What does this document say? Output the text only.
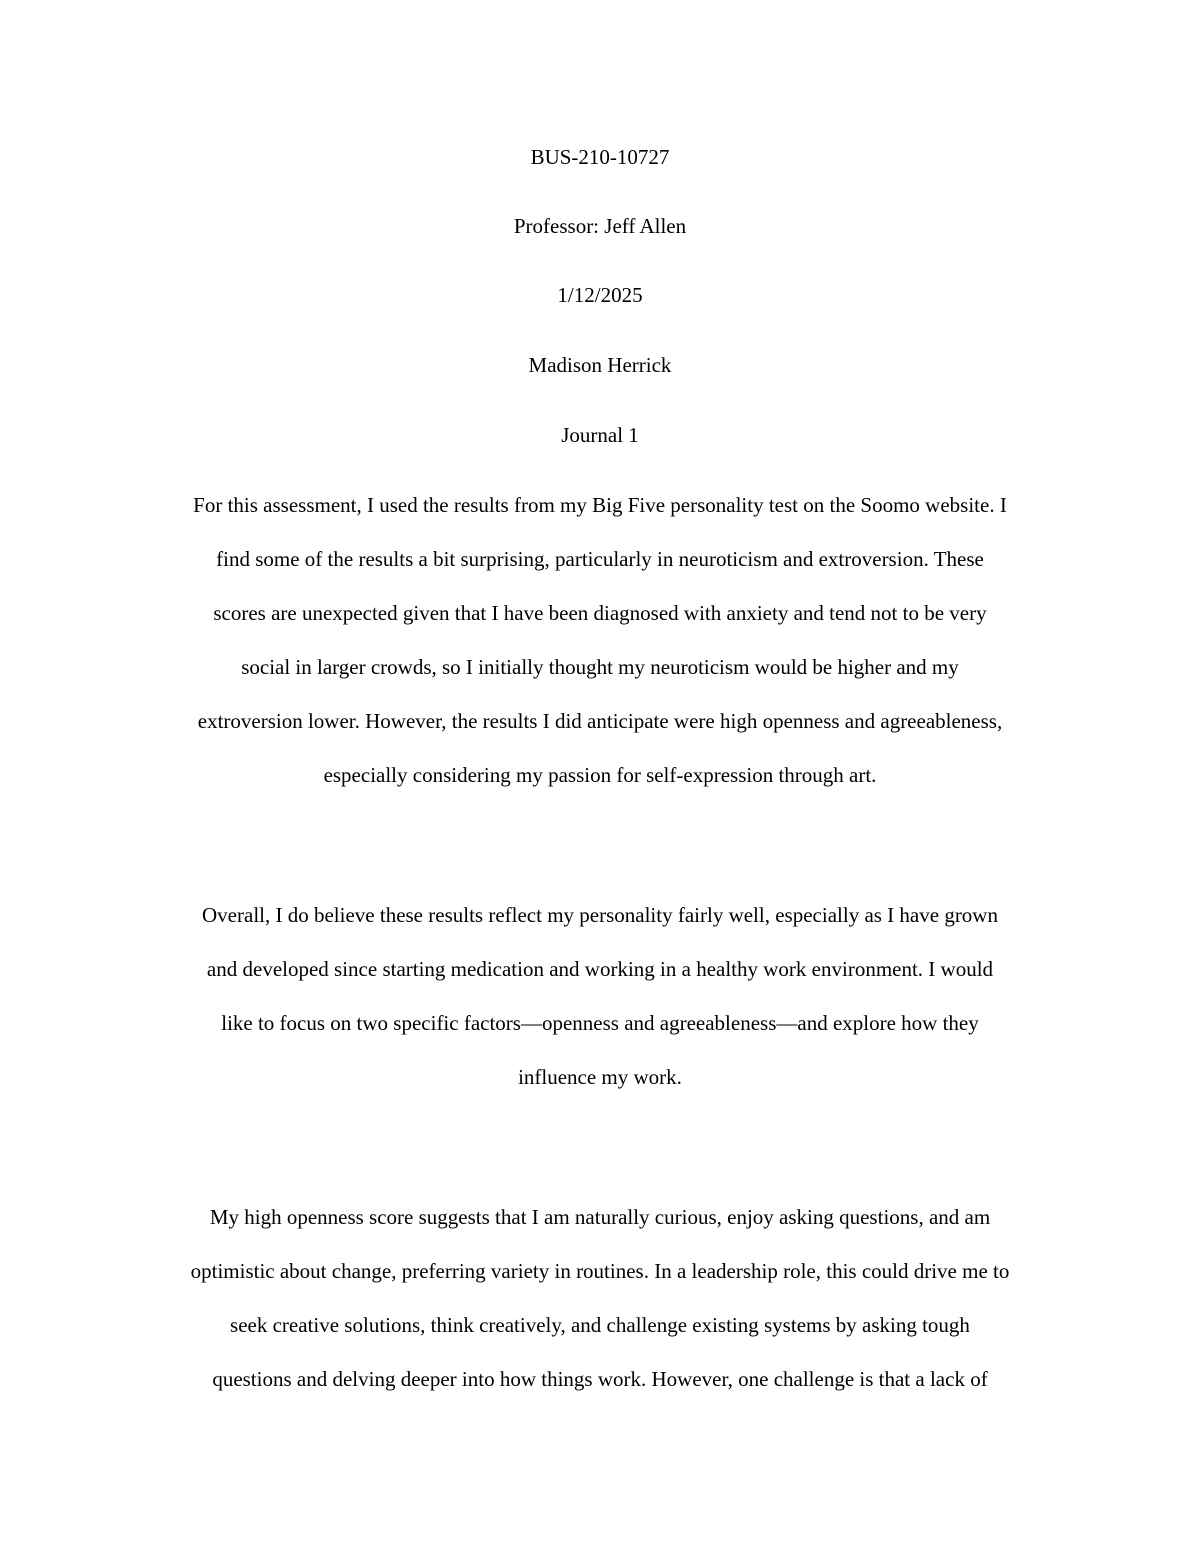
BUS-210-10727
Professor: Jeff Allen
1/12/2025
Madison Herrick
Journal 1
For this assessment, I used the results from my Big Five personality test on the Soomo website. I
find some of the results a bit surprising, particularly in neuroticism and extroversion. These
scores are unexpected given that I have been diagnosed with anxiety and tend not to be very
social in larger crowds, so I initially thought my neuroticism would be higher and my
extroversion lower. However, the results I did anticipate were high openness and agreeableness,
especially considering my passion for self-expression through art.
Overall, I do believe these results reflect my personality fairly well, especially as I have grown
and developed since starting medication and working in a healthy work environment. I would
like to focus on two specific factors—openness and agreeableness—and explore how they
influence my work.
My high openness score suggests that I am naturally curious, enjoy asking questions, and am
optimistic about change, preferring variety in routines. In a leadership role, this could drive me to
seek creative solutions, think creatively, and challenge existing systems by asking tough
questions and delving deeper into how things work. However, one challenge is that a lack of
